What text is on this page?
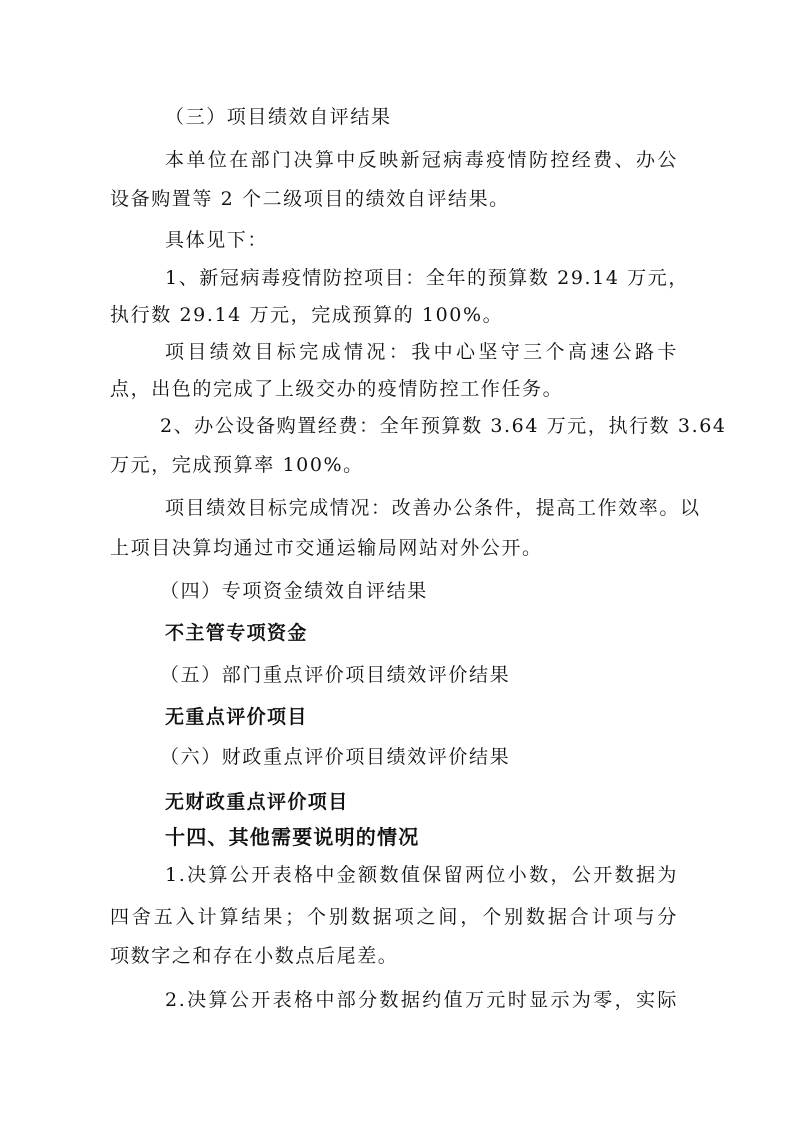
（三）项目绩效自评结果
本单位在部门决算中反映新冠病毒疫情防控经费、办公
设备购置等 2 个二级项目的绩效自评结果。
具体见下：
1、新冠病毒疫情防控项目：全年的预算数 29.14 万元，
执行数 29.14 万元，完成预算的 100%。
项目绩效目标完成情况：我中心坚守三个高速公路卡
点，出色的完成了上级交办的疫情防控工作任务。
2、办公设备购置经费：全年预算数 3.64 万元，执行数 3.64
万元，完成预算率 100%。
项目绩效目标完成情况：改善办公条件，提高工作效率。以
上项目决算均通过市交通运输局网站对外公开。
（四）专项资金绩效自评结果
不主管专项资金
（五）部门重点评价项目绩效评价结果
无重点评价项目
（六）财政重点评价项目绩效评价结果
无财政重点评价项目
十四、其他需要说明的情况
1.决算公开表格中金额数值保留两位小数，公开数据为
四舍五入计算结果；个别数据项之间，个别数据合计项与分
项数字之和存在小数点后尾差。
2.决算公开表格中部分数据约值万元时显示为零，实际
